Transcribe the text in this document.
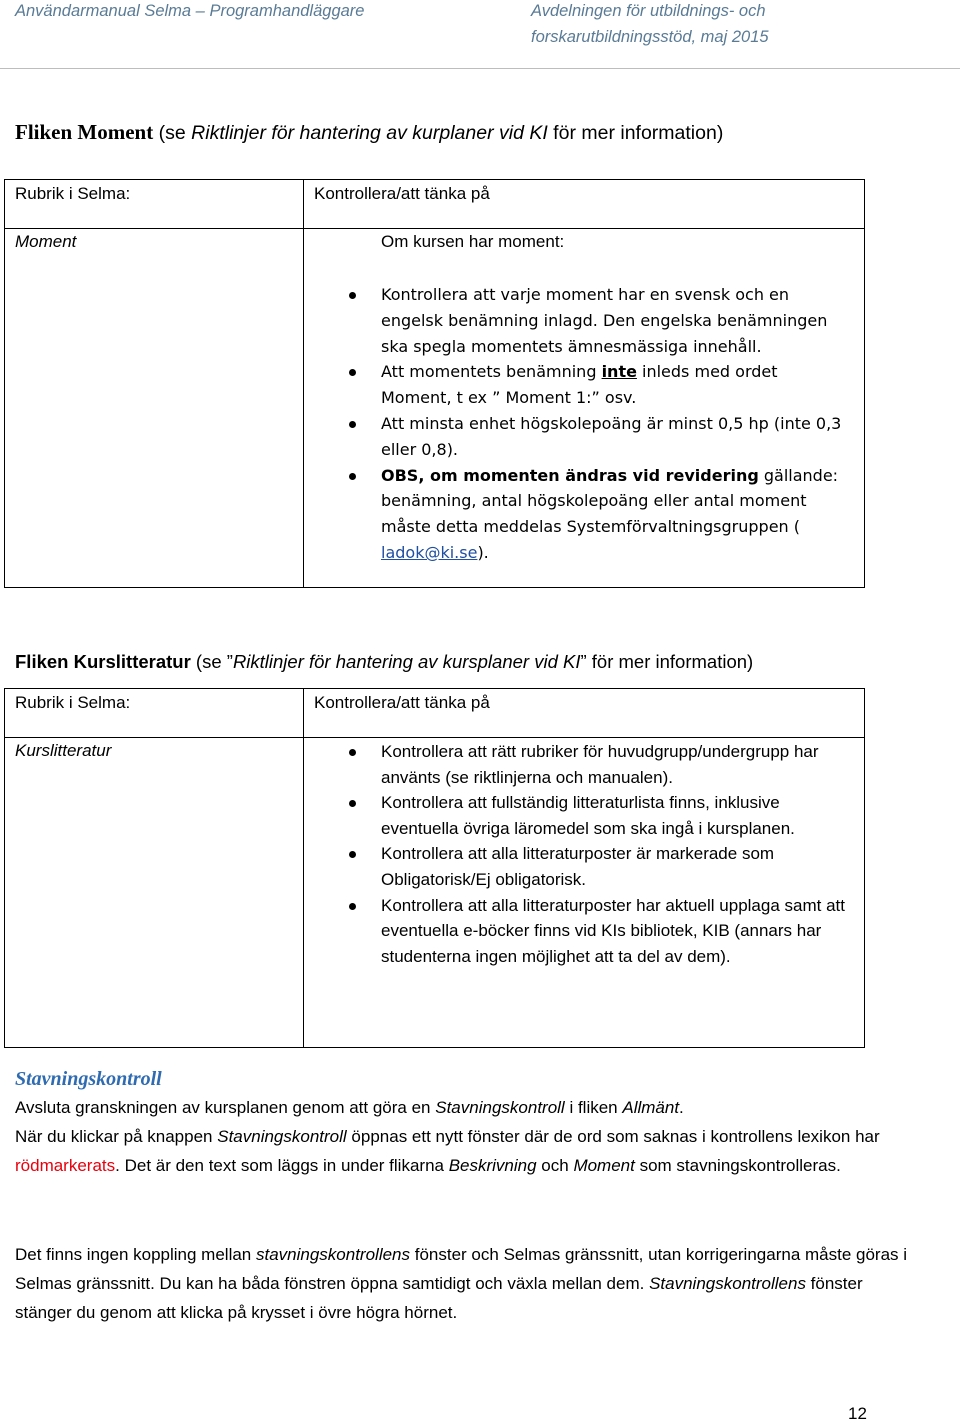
Användarmanual Selma – Programhandläggare	Avdelningen för utbildnings- och
forskarutbildningsstöd, maj 2015
Fliken Moment (se Riktlinjer för hantering av kurplaner vid KI för mer information)

Rubrik i Selma:	Kontrollera/att tänka på
Moment	Om kursen har moment:
Kontrollera att varje moment har en svensk och en engelsk benämning inlagd. Den engelska benämningen ska spegla momentets ämnesmässiga innehåll.
Att momentets benämning inte inleds med ordet Moment, t ex ” Moment 1:” osv.
Att minsta enhet högskolepoäng är minst 0,5 hp (inte 0,3 eller 0,8).
OBS, om momenten ändras vid revidering gällande: benämning, antal högskolepoäng eller antal moment måste detta meddelas Systemförvaltningsgruppen ( ladok@ki.se).
Fliken Kurslitteratur (se ”Riktlinjer för hantering av kursplaner vid KI” för mer information)

Rubrik i Selma:	Kontrollera/att tänka på
Kurslitteratur	Kontrollera att rätt rubriker för huvudgrupp/undergrupp har använts (se riktlinjerna och manualen).
Kontrollera att fullständig litteraturlista finns, inklusive eventuella övriga läromedel som ska ingå i kursplanen.
Kontrollera att alla litteraturposter är markerade som Obligatorisk/Ej obligatorisk.
Kontrollera att alla litteraturposter har aktuell upplaga samt att eventuella e-böcker finns vid KIs bibliotek, KIB (annars har studenterna ingen möjlighet att ta del av dem).
Stavningskontroll
Avsluta granskningen av kursplanen genom att göra en Stavningskontroll i fliken Allmänt.
När du klickar på knappen Stavningskontroll öppnas ett nytt fönster där de ord som saknas i kontrollens lexikon har rödmarkerats. Det är den text som läggs in under flikarna Beskrivning och Moment som stavningskontrolleras.
Det finns ingen koppling mellan stavningskontrollens fönster och Selmas gränssnitt, utan korrigeringarna måste göras i Selmas gränssnitt. Du kan ha båda fönstren öppna samtidigt och växla mellan dem. Stavningskontrollens fönster stänger du genom att klicka på krysset i övre högra hörnet.
12
